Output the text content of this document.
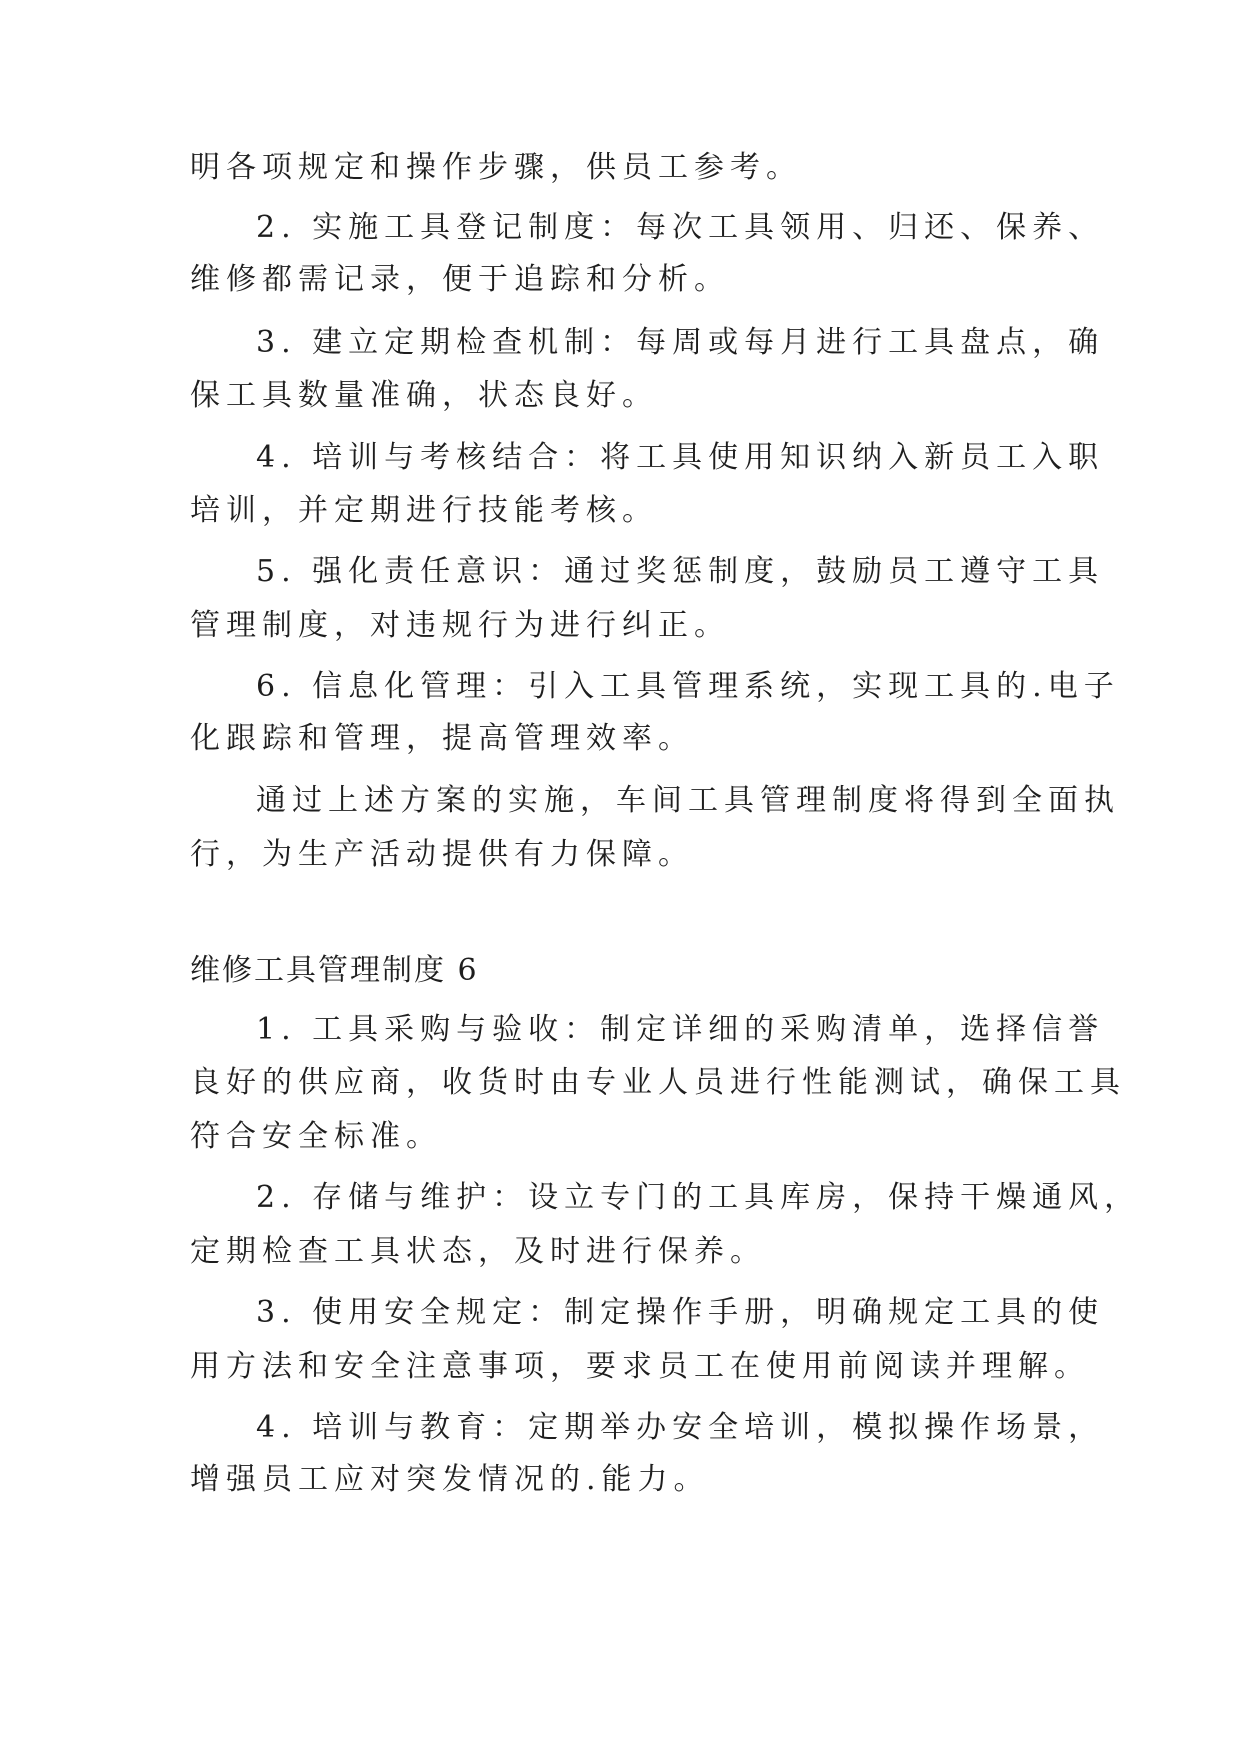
明各项规定和操作步骤，供员工参考。
2. 实施工具登记制度：每次工具领用、归还、保养、
维修都需记录，便于追踪和分析。
3. 建立定期检查机制：每周或每月进行工具盘点，确
保工具数量准确，状态良好。
4. 培训与考核结合：将工具使用知识纳入新员工入职
培训，并定期进行技能考核。
5. 强化责任意识：通过奖惩制度，鼓励员工遵守工具
管理制度，对违规行为进行纠正。
6. 信息化管理：引入工具管理系统，实现工具的.电子
化跟踪和管理，提高管理效率。
通过上述方案的实施，车间工具管理制度将得到全面执
行，为生产活动提供有力保障。
维修工具管理制度 6
1. 工具采购与验收：制定详细的采购清单，选择信誉
良好的供应商，收货时由专业人员进行性能测试，确保工具
符合安全标准。
2. 存储与维护：设立专门的工具库房，保持干燥通风，
定期检查工具状态，及时进行保养。
3. 使用安全规定：制定操作手册，明确规定工具的使
用方法和安全注意事项，要求员工在使用前阅读并理解。
4. 培训与教育：定期举办安全培训，模拟操作场景，
增强员工应对突发情况的.能力。
